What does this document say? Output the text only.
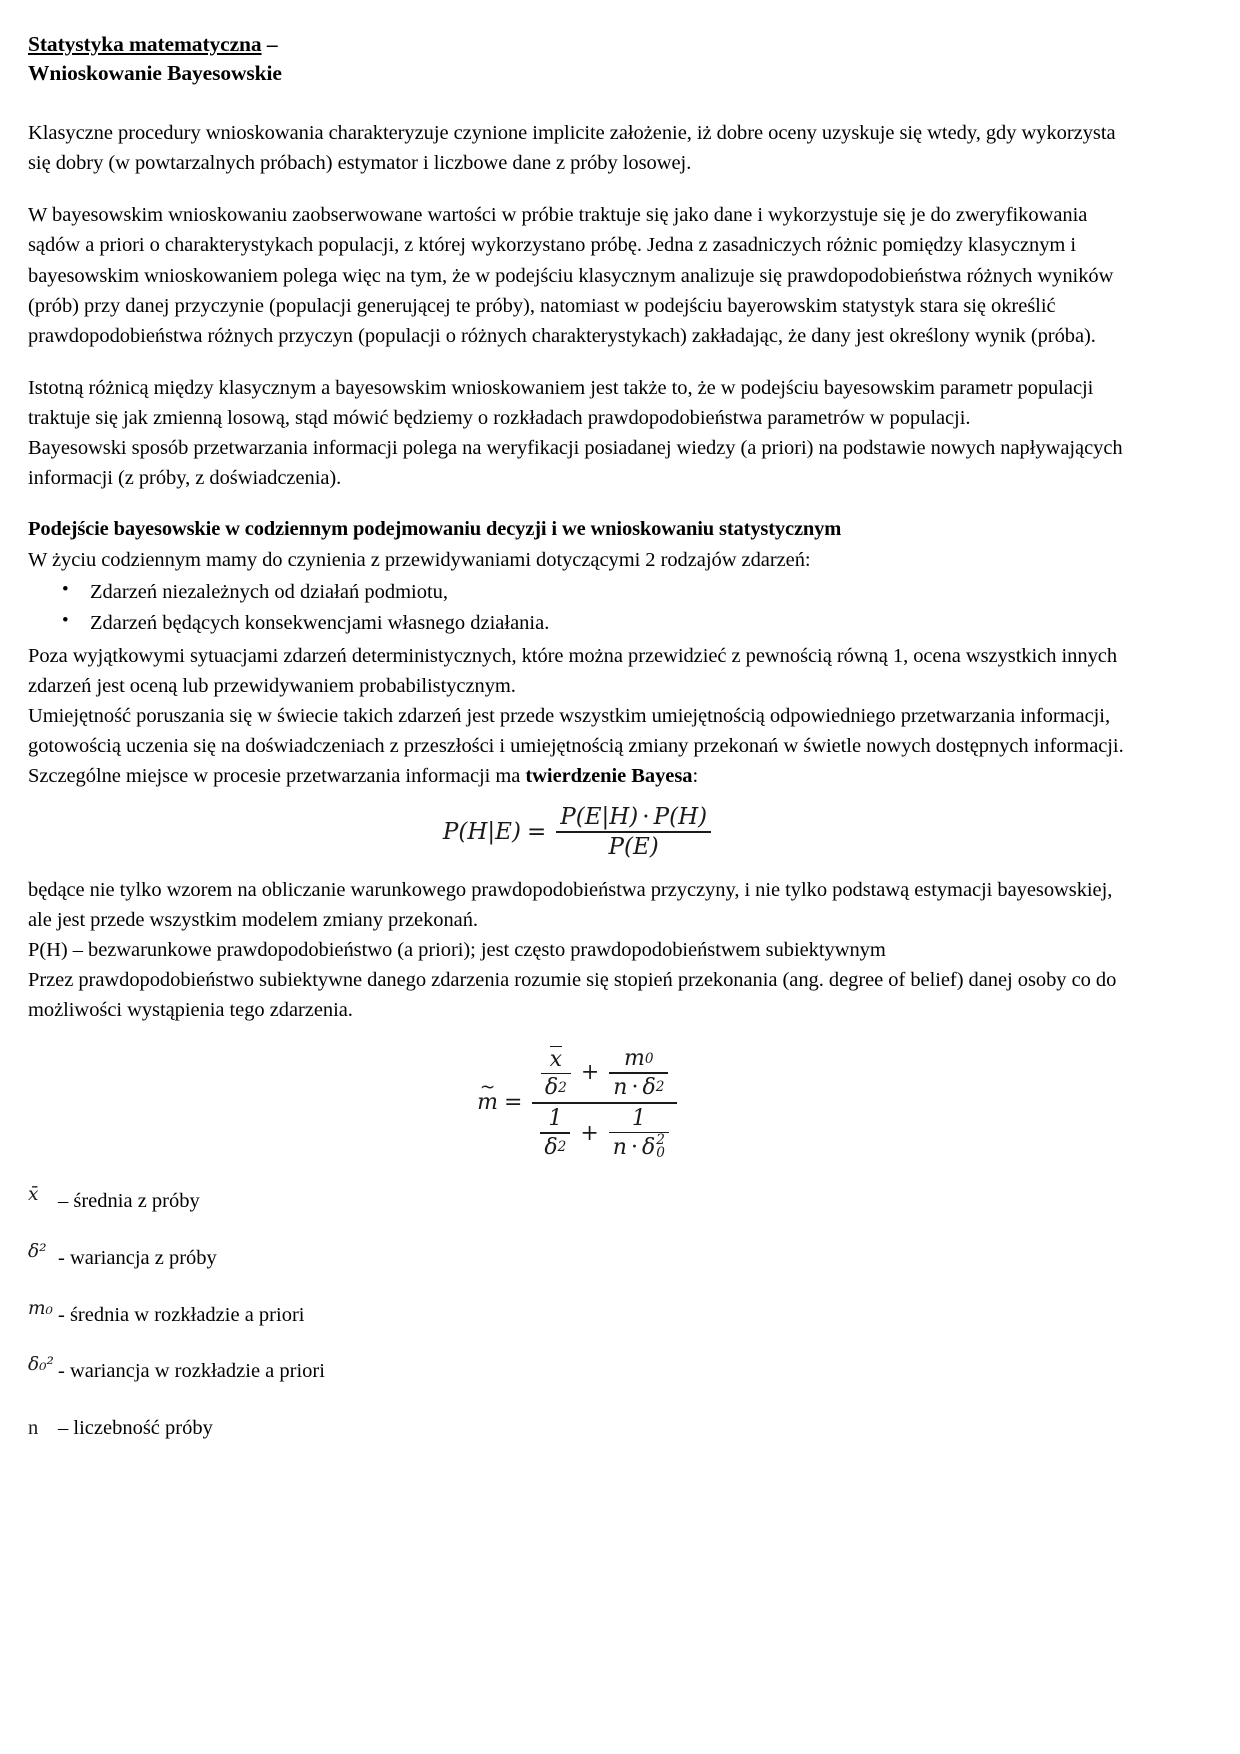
Statystyka matematyczna –
Wnioskowanie Bayesowskie

Klasyczne procedury wnioskowania charakteryzuje czynione implicite założenie, iż dobre oceny uzyskuje się wtedy, gdy wykorzysta się dobry (w powtarzalnych próbach) estymator i liczbowe dane z próby losowej.

W bayesowskim wnioskowaniu zaobserwowane wartości w próbie traktuje się jako dane i wykorzystuje się je do zweryfikowania sądów a priori o charakterystykach populacji, z której wykorzystano próbę. Jedna z zasadniczych różnic pomiędzy klasycznym i bayesowskim wnioskowaniem polega więc na tym, że w podejściu klasycznym analizuje się prawdopodobieństwa różnych wyników (prób) przy danej przyczynie (populacji generującej te próby), natomiast w podejściu bayerowskim statystyk stara się określić prawdopodobieństwa różnych przyczyn (populacji o różnych charakterystykach) zakładając, że dany jest określony wynik (próba).

Istotną różnicą między klasycznym a bayesowskim wnioskowaniem jest także to, że w podejściu bayesowskim parametr populacji traktuje się jak zmienną losową, stąd mówić będziemy o rozkładach prawdopodobieństwa parametrów w populacji.

Bayesowski sposób przetwarzania informacji polega na weryfikacji posiadanej wiedzy (a priori) na podstawie nowych napływających informacji (z próby, z doświadczenia).

Podejście bayesowskie w codziennym podejmowaniu decyzji i we wnioskowaniu statystycznym

W życiu codziennym mamy do czynienia z przewidywaniami dotyczącymi 2 rodzajów zdarzeń:

• Zdarzeń niezależnych od działań podmiotu,
• Zdarzeń będących konsekwencjami własnego działania.

Poza wyjątkowymi sytuacjami zdarzeń deterministycznych, które można przewidzieć z pewnością równą 1, ocena wszystkich innych zdarzeń jest oceną lub przewidywaniem probabilistycznym.

Umiejętność poruszania się w świecie takich zdarzeń jest przede wszystkim umiejętnością odpowiedniego przetwarzania informacji, gotowością uczenia się na doświadczeniach z przeszłości i umiejętnością zmiany przekonań w świetle nowych dostępnych informacji.

Szczególne miejsce w procesie przetwarzania informacji ma twierdzenie Bayesa:

$P(H|E) = \frac{P ( E | H ) \cdot P ( H )}{P ( E )}$

będące nie tylko wzorem na obliczanie warunkowego prawdopodobieństwa przyczyny, i nie tylko podstawą estymacji bayesowskiej, ale jest przede wszystkim modelem zmiany przekonań.

P(H) – bezwarunkowe prawdopodobieństwo (a priori); jest często prawdopodobieństwem subiektywnym

Przez prawdopodobieństwo subiektywne danego zdarzenia rozumie się stopień przekonania (ang. degree of belief) danej osoby co do możliwości wystąpienia tego zdarzenia.

~ m =
$\frac{x}{\delta 2} + \frac{m 0}{n \cdot \delta 2}$
$\frac{1}{\delta 2} + 1$
n · δ 2
0
x̄ – średnia z próby
δ² - wariancja z próby
m₀ - średnia w rozkładzie a priori
δ₀² - wariancja w rozkładzie a priori
n – liczebność próby
